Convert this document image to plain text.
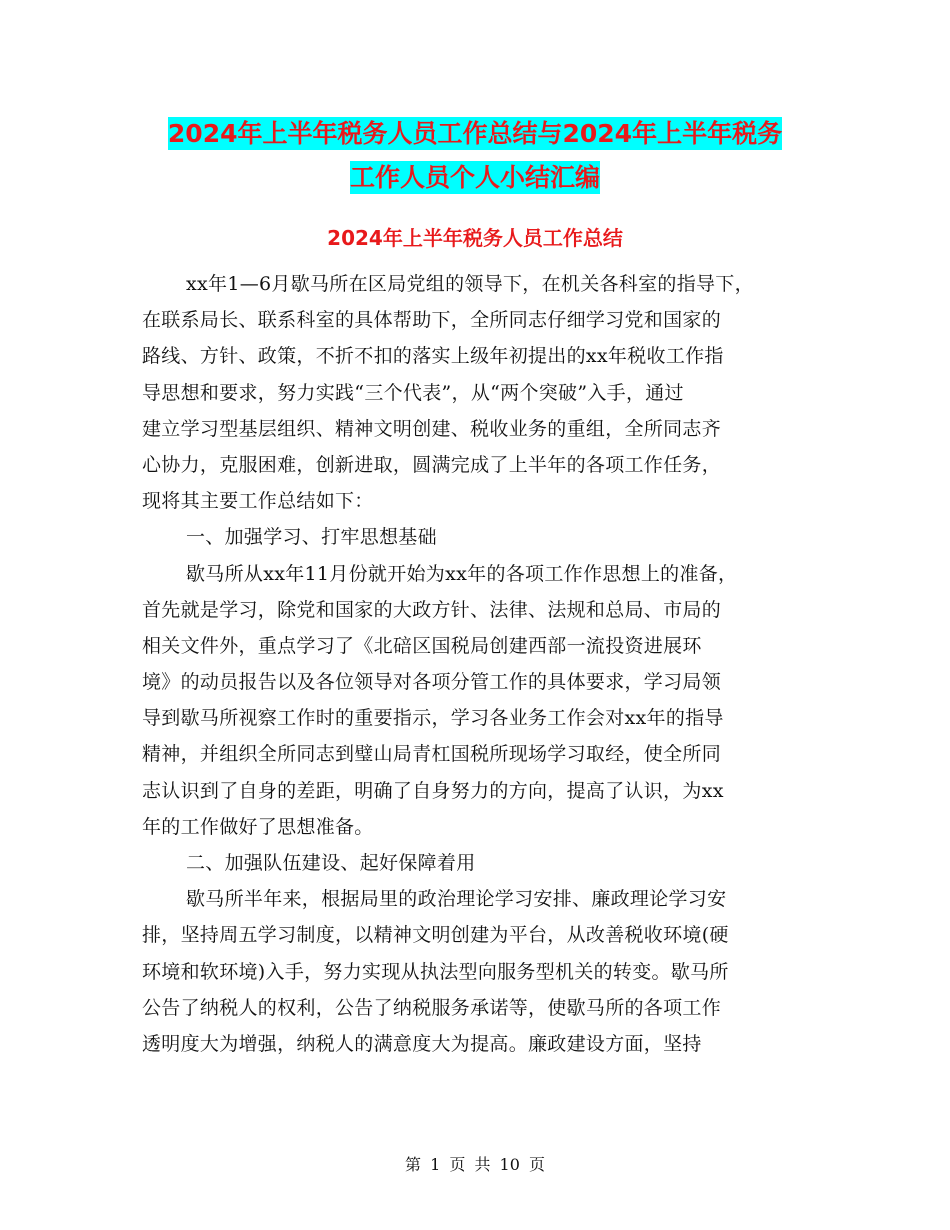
2024年上半年税务人员工作总结与2024年上半年税务
工作人员个人小结汇编
2024年上半年税务人员工作总结
xx年1—6月歇马所在区局党组的领导下，在机关各科室的指导下，
在联系局长、联系科室的具体帮助下，全所同志仔细学习党和国家的
路线、方针、政策，不折不扣的落实上级年初提出的xx年税收工作指
导思想和要求，努力实践“三个代表”，从“两个突破”入手，通过
建立学习型基层组织、精神文明创建、税收业务的重组，全所同志齐
心协力，克服困难，创新进取，圆满完成了上半年的各项工作任务，
现将其主要工作总结如下：
一、加强学习、打牢思想基础
歇马所从xx年11月份就开始为xx年的各项工作作思想上的准备，
首先就是学习，除党和国家的大政方针、法律、法规和总局、市局的
相关文件外，重点学习了《北碚区国税局创建西部一流投资进展环
境》的动员报告以及各位领导对各项分管工作的具体要求，学习局领
导到歇马所视察工作时的重要指示，学习各业务工作会对xx年的指导
精神，并组织全所同志到璧山局青杠国税所现场学习取经，使全所同
志认识到了自身的差距，明确了自身努力的方向，提高了认识，为xx
年的工作做好了思想准备。
二、加强队伍建设、起好保障着用
歇马所半年来，根据局里的政治理论学习安排、廉政理论学习安
排，坚持周五学习制度，以精神文明创建为平台，从改善税收环境(硬
环境和软环境)入手，努力实现从执法型向服务型机关的转变。歇马所
公告了纳税人的权利，公告了纳税服务承诺等，使歇马所的各项工作
透明度大为增强，纳税人的满意度大为提高。廉政建设方面，坚持
第 1 页 共 10 页
